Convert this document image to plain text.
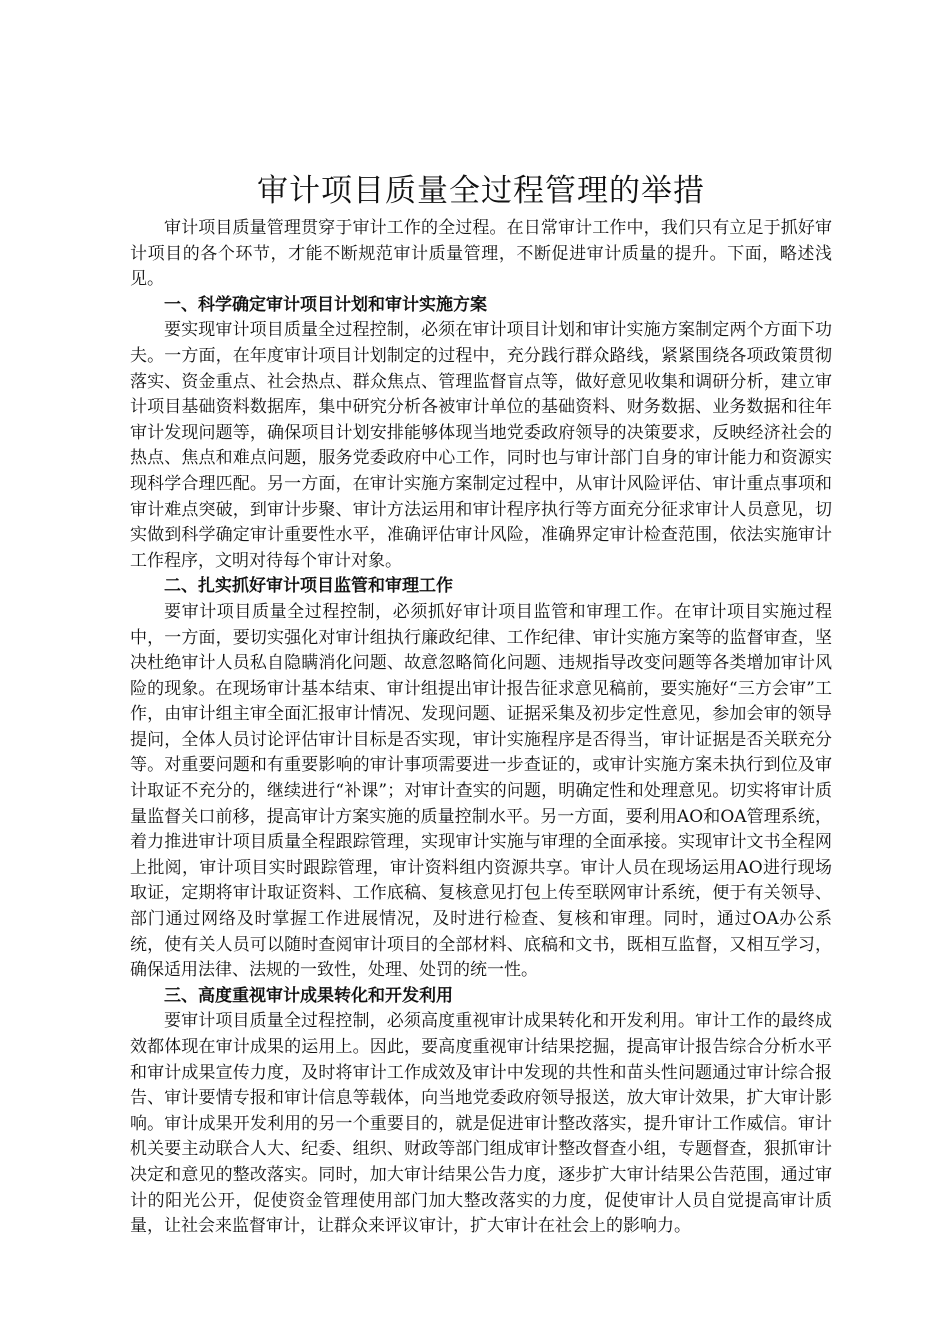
审计项目质量全过程管理的举措

审计项目质量管理贯穿于审计工作的全过程。在日常审计工作中，我们只有立足于抓好审计项目的各个环节，才能不断规范审计质量管理，不断促进审计质量的提升。下面，略述浅见。

一、科学确定审计项目计划和审计实施方案

要实现审计项目质量全过程控制，必须在审计项目计划和审计实施方案制定两个方面下功夫。一方面，在年度审计项目计划制定的过程中，充分践行群众路线，紧紧围绕各项政策贯彻落实、资金重点、社会热点、群众焦点、管理监督盲点等，做好意见收集和调研分析，建立审计项目基础资料数据库，集中研究分析各被审计单位的基础资料、财务数据、业务数据和往年审计发现问题等，确保项目计划安排能够体现当地党委政府领导的决策要求，反映经济社会的热点、焦点和难点问题，服务党委政府中心工作，同时也与审计部门自身的审计能力和资源实现科学合理匹配。另一方面，在审计实施方案制定过程中，从审计风险评估、审计重点事项和审计难点突破，到审计步聚、审计方法运用和审计程序执行等方面充分征求审计人员意见，切实做到科学确定审计重要性水平，准确评估审计风险，准确界定审计检查范围，依法实施审计工作程序，文明对待每个审计对象。

二、扎实抓好审计项目监管和审理工作

要审计项目质量全过程控制，必须抓好审计项目监管和审理工作。在审计项目实施过程中，一方面，要切实强化对审计组执行廉政纪律、工作纪律、审计实施方案等的监督审查，坚决杜绝审计人员私自隐瞒消化问题、故意忽略简化问题、违规指导改变问题等各类增加审计风险的现象。在现场审计基本结束、审计组提出审计报告征求意见稿前，要实施好“三方会审”工作，由审计组主审全面汇报审计情况、发现问题、证据采集及初步定性意见，参加会审的领导提问，全体人员讨论评估审计目标是否实现，审计实施程序是否得当，审计证据是否关联充分等。对重要问题和有重要影响的审计事项需要进一步查证的，或审计实施方案未执行到位及审计取证不充分的，继续进行“补课”；对审计查实的问题，明确定性和处理意见。切实将审计质量监督关口前移，提高审计方案实施的质量控制水平。另一方面，要利用AO和OA管理系统，着力推进审计项目质量全程跟踪管理，实现审计实施与审理的全面承接。实现审计文书全程网上批阅，审计项目实时跟踪管理，审计资料组内资源共享。审计人员在现场运用AO进行现场取证，定期将审计取证资料、工作底稿、复核意见打包上传至联网审计系统，便于有关领导、部门通过网络及时掌握工作进展情况，及时进行检查、复核和审理。同时，通过OA办公系统，使有关人员可以随时查阅审计项目的全部材料、底稿和文书，既相互监督，又相互学习，确保适用法律、法规的一致性，处理、处罚的统一性。

三、高度重视审计成果转化和开发利用

要审计项目质量全过程控制，必须高度重视审计成果转化和开发利用。审计工作的最终成效都体现在审计成果的运用上。因此，要高度重视审计结果挖掘，提高审计报告综合分析水平和审计成果宣传力度，及时将审计工作成效及审计中发现的共性和苗头性问题通过审计综合报告、审计要情专报和审计信息等载体，向当地党委政府领导报送，放大审计效果，扩大审计影响。审计成果开发利用的另一个重要目的，就是促进审计整改落实，提升审计工作威信。审计机关要主动联合人大、纪委、组织、财政等部门组成审计整改督查小组，专题督查，狠抓审计决定和意见的整改落实。同时，加大审计结果公告力度，逐步扩大审计结果公告范围，通过审计的阳光公开，促使资金管理使用部门加大整改落实的力度，促使审计人员自觉提高审计质量，让社会来监督审计，让群众来评议审计，扩大审计在社会上的影响力。
